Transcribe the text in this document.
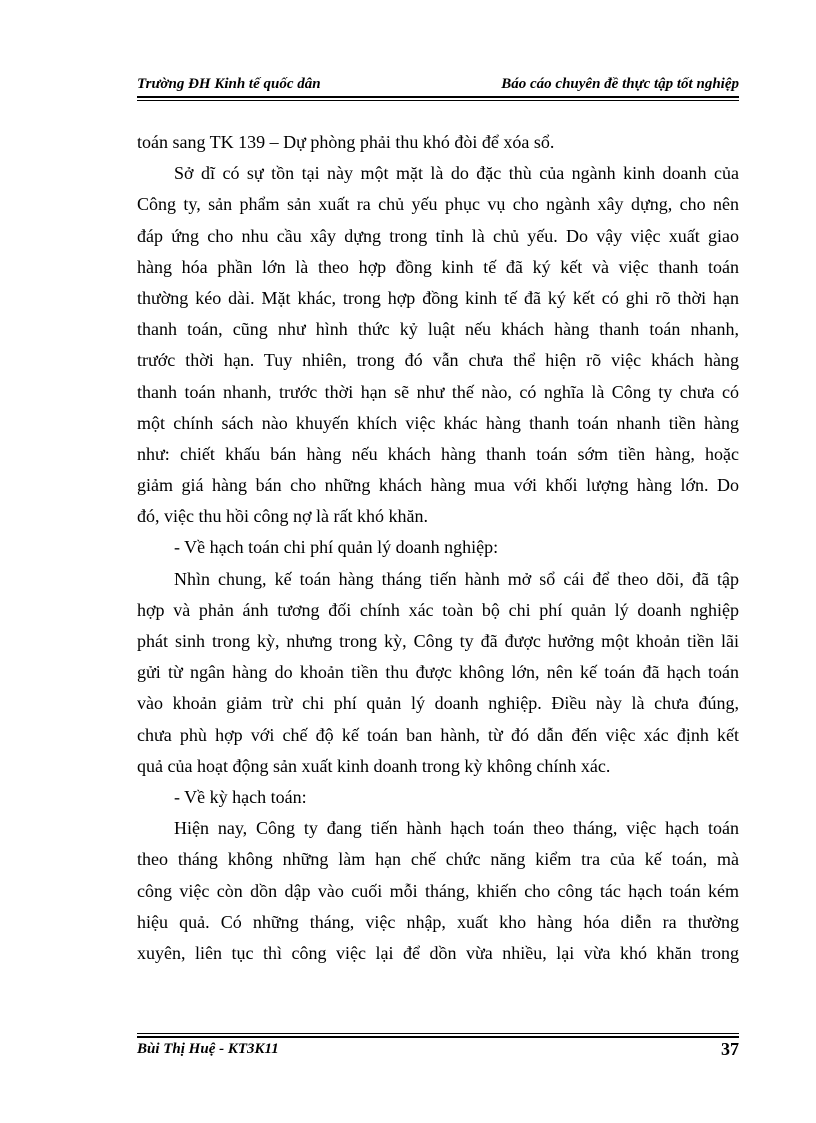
Trường ĐH Kinh tế quốc dân	Báo cáo chuyên đề thực tập tốt nghiệp
toán sang TK 139 – Dự phòng phải thu khó đòi để xóa sổ.
Sở dĩ có sự tồn tại này một mặt là do đặc thù của ngành kinh doanh của
Công ty, sản phẩm sản xuất ra chủ yếu phục vụ cho ngành xây dựng, cho nên
đáp ứng cho nhu cầu xây dựng trong tỉnh là chủ yếu. Do vậy việc xuất giao
hàng hóa phần lớn là theo hợp đồng kinh tế đã ký kết và việc thanh toán
thường kéo dài. Mặt khác, trong hợp đồng kinh tế đã ký kết có ghi rõ thời hạn
thanh toán, cũng như hình thức kỷ luật nếu khách hàng thanh toán nhanh,
trước thời hạn. Tuy nhiên, trong đó vẫn chưa thể hiện rõ việc khách hàng
thanh toán nhanh, trước thời hạn sẽ như thế nào, có nghĩa là Công ty chưa có
một chính sách nào khuyến khích việc khác hàng thanh toán nhanh tiền hàng
như: chiết khấu bán hàng nếu khách hàng thanh toán sớm tiền hàng, hoặc
giảm giá hàng bán cho những khách hàng mua với khối lượng hàng lớn. Do
đó, việc thu hồi công nợ là rất khó khăn.
- Về hạch toán chi phí quản lý doanh nghiệp:
Nhìn chung, kế toán hàng tháng tiến hành mở sổ cái để theo dõi, đã tập
hợp và phản ánh tương đối chính xác toàn bộ chi phí quản lý doanh nghiệp
phát sinh trong kỳ, nhưng trong kỳ, Công ty đã được hưởng một khoản tiền lãi
gửi từ ngân hàng do khoản tiền thu được không lớn, nên kế toán đã hạch toán
vào khoản giảm trừ chi phí quản lý doanh nghiệp. Điều này là chưa đúng,
chưa phù hợp với chế độ kế toán ban hành, từ đó dẫn đến việc xác định kết
quả của hoạt động sản xuất kinh doanh trong kỳ không chính xác.
- Về kỳ hạch toán:
Hiện nay, Công ty đang tiến hành hạch toán theo tháng, việc hạch toán
theo tháng không những làm hạn chế chức năng kiểm tra của kế toán, mà
công việc còn dồn dập vào cuối mỗi tháng, khiến cho công tác hạch toán kém
hiệu quả. Có những tháng, việc nhập, xuất kho hàng hóa diễn ra thường
xuyên, liên tục thì công việc lại để dồn vừa nhiều, lại vừa khó khăn trong
Bùi Thị Huệ - KT3K11	37
